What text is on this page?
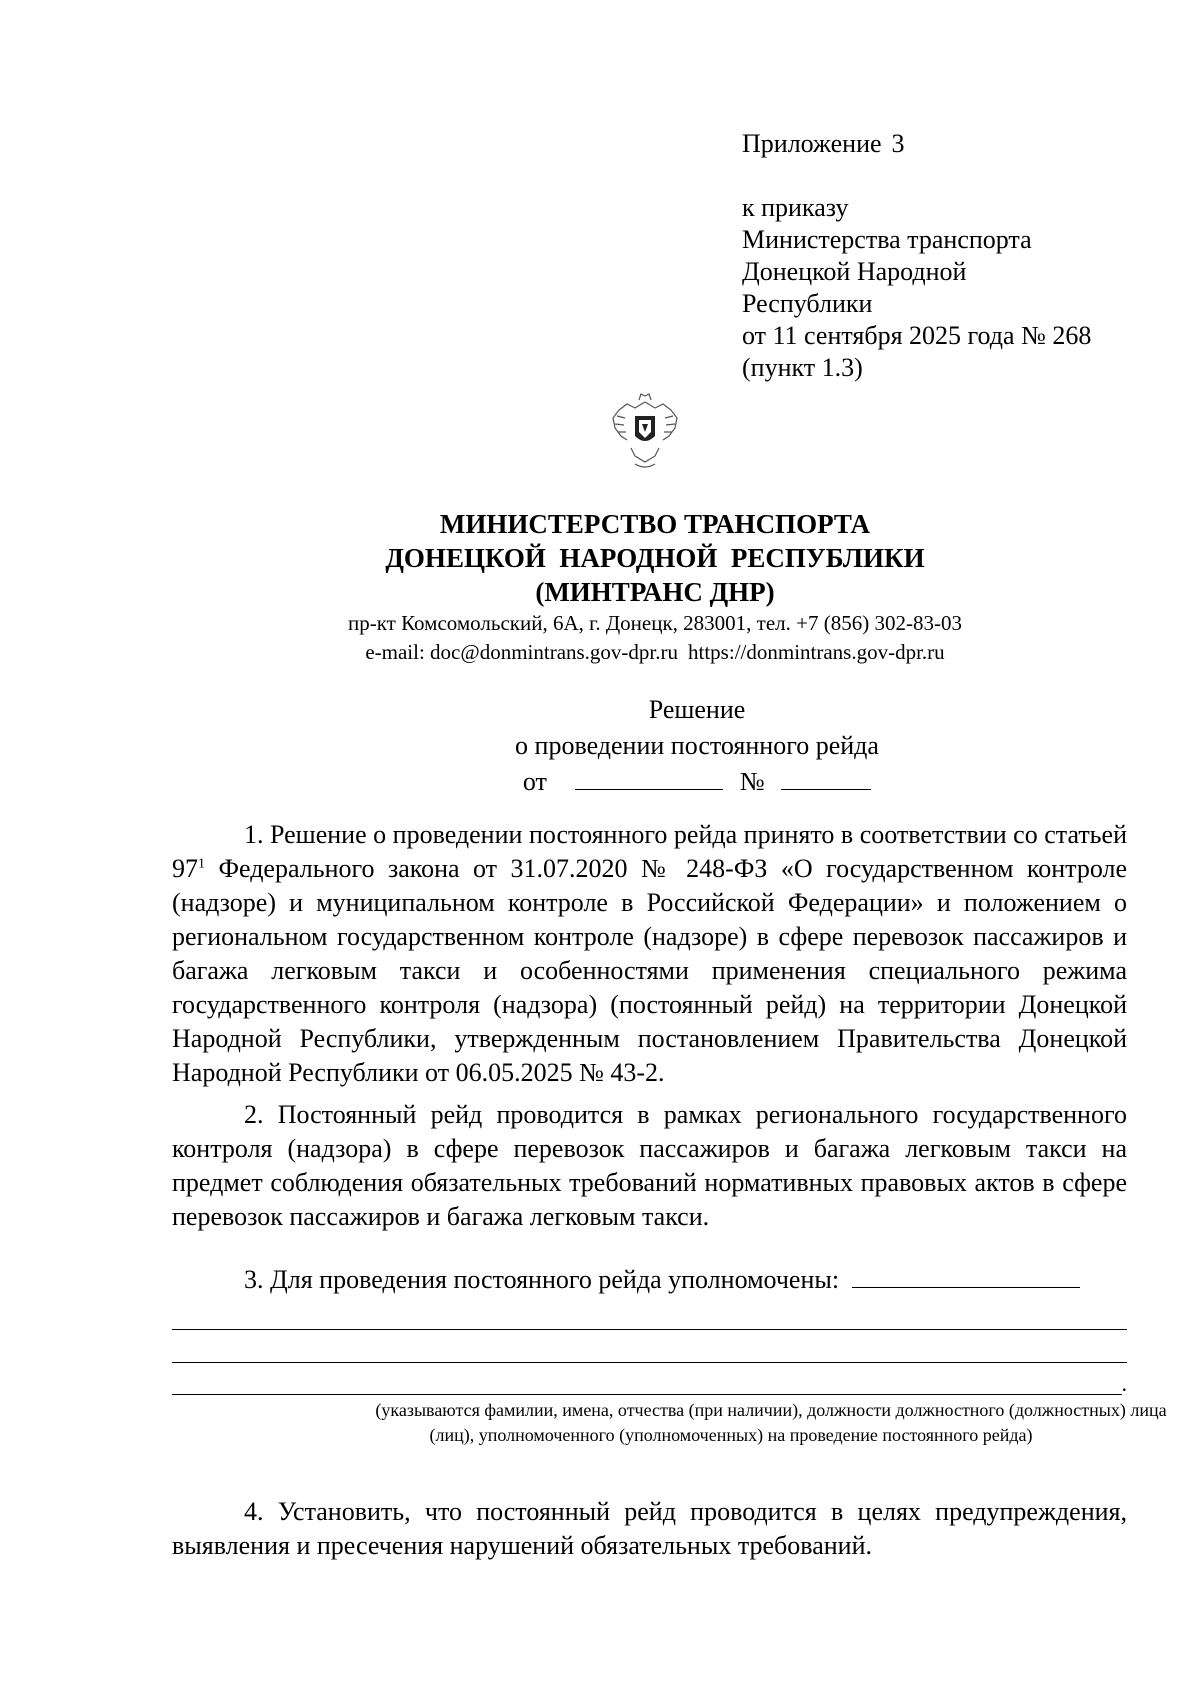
Приложение 3
к приказу
Министерства транспорта
Донецкой Народной
Республики
от 11 сентября 2025 года № 268
(пункт 1.3)
МИНИСТЕРСТВО ТРАНСПОРТА
ДОНЕЦКОЙ  НАРОДНОЙ  РЕСПУБЛИКИ
(МИНТРАНС ДНР)
пр-кт Комсомольский, 6А, г. Донецк, 283001, тел. +7 (856) 302-83-03
e-mail: doc@donmintrans.gov-dpr.ru https://donmintrans.gov-dpr.ru
Решение
о проведении постоянного рейда
от	№

1. Решение о проведении постоянного рейда принято в соответствии со статьей $97^1$ Федерального закона от 31.07.2020 № 248-ФЗ «О государственном контроле (надзоре) и муниципальном контроле в Российской Федерации» и положением о региональном государственном контроле (надзоре) в сфере перевозок пассажиров и багажа легковым такси и особенностями применения специального режима государственного контроля (надзора) (постоянный рейд) на территории Донецкой Народной Республики, утвержденным постановлением Правительства Донецкой Народной Республики от 06.05.2025 № 43-2.

2. Постоянный рейд проводится в рамках регионального государственного контроля (надзора) в сфере перевозок пассажиров и багажа легковым такси на предмет соблюдения обязательных требований нормативных правовых актов в сфере перевозок пассажиров и багажа легковым такси.

3. Для проведения постоянного рейда уполномочены:

.
(указываются фамилии, имена, отчества (при наличии), должности должностного (должностных) лица
(лиц), уполномоченного (уполномоченных) на проведение постоянного рейда)

4. Установить, что постоянный рейд проводится в целях предупреждения, выявления и пресечения нарушений обязательных требований.
